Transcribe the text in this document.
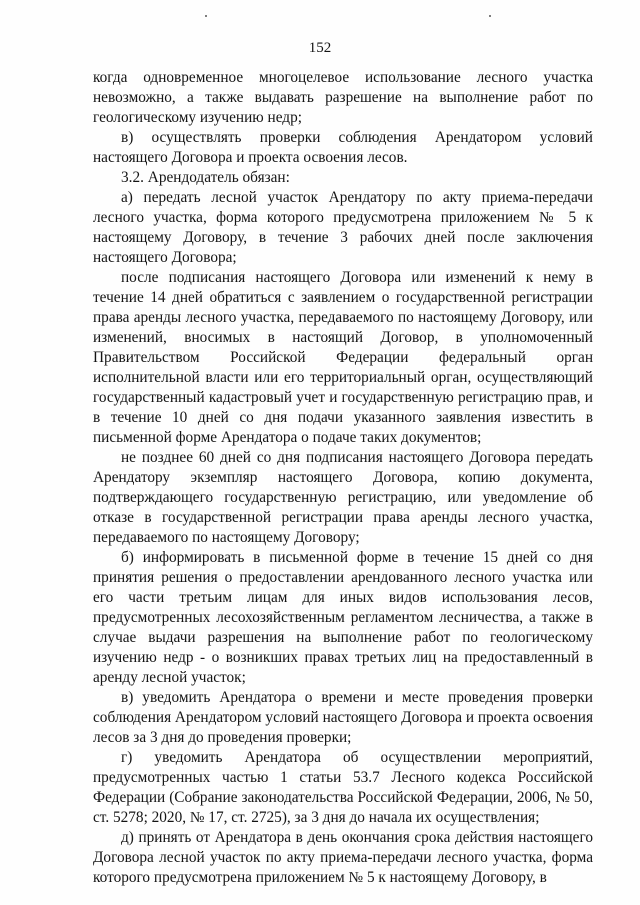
152

когда одновременное многоцелевое использование лесного участка невозможно, а также выдавать разрешение на выполнение работ по геологическому изучению недр;

в) осуществлять проверки соблюдения Арендатором условий настоящего Договора и проекта освоения лесов.

3.2. Арендодатель обязан:

а) передать лесной участок Арендатору по акту приема-передачи лесного участка, форма которого предусмотрена приложением № 5 к настоящему Договору, в течение 3 рабочих дней после заключения настоящего Договора;

после подписания настоящего Договора или изменений к нему в течение 14 дней обратиться с заявлением о государственной регистрации права аренды лесного участка, передаваемого по настоящему Договору, или изменений, вносимых в настоящий Договор, в уполномоченный Правительством Российской Федерации федеральный орган исполнительной власти или его территориальный орган, осуществляющий государственный кадастровый учет и государственную регистрацию прав, и в течение 10 дней со дня подачи указанного заявления известить в письменной форме Арендатора о подаче таких документов;

не позднее 60 дней со дня подписания настоящего Договора передать Арендатору экземпляр настоящего Договора, копию документа, подтверждающего государственную регистрацию, или уведомление об отказе в государственной регистрации права аренды лесного участка, передаваемого по настоящему Договору;

б) информировать в письменной форме в течение 15 дней со дня принятия решения о предоставлении арендованного лесного участка или его части третьим лицам для иных видов использования лесов, предусмотренных лесохозяйственным регламентом лесничества, а также в случае выдачи разрешения на выполнение работ по геологическому изучению недр - о возникших правах третьих лиц на предоставленный в аренду лесной участок;

в) уведомить Арендатора о времени и месте проведения проверки соблюдения Арендатором условий настоящего Договора и проекта освоения лесов за 3 дня до проведения проверки;

г) уведомить Арендатора об осуществлении мероприятий, предусмотренных частью 1 статьи 53.7 Лесного кодекса Российской Федерации (Собрание законодательства Российской Федерации, 2006, № 50, ст. 5278; 2020, № 17, ст. 2725), за 3 дня до начала их осуществления;

д) принять от Арендатора в день окончания срока действия настоящего Договора лесной участок по акту приема-передачи лесного участка, форма которого предусмотрена приложением № 5 к настоящему Договору, в
